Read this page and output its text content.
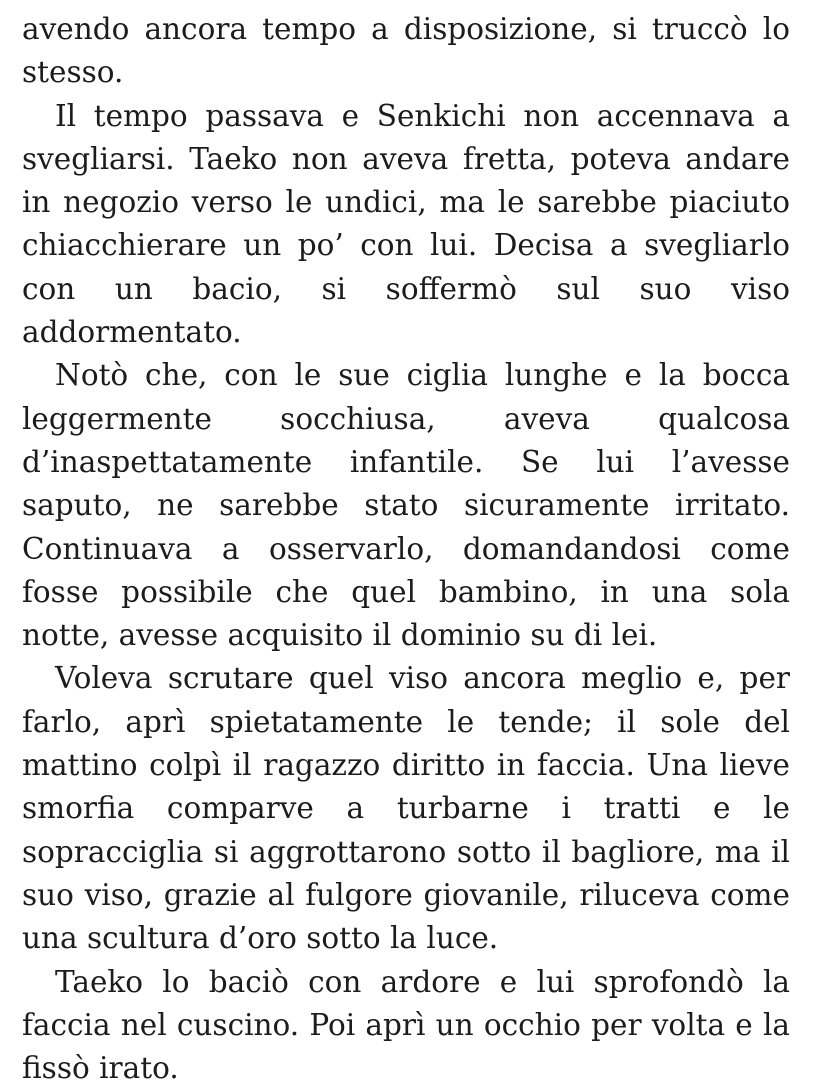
avendo ancora tempo a disposizione, si truccò lo stesso.

Il tempo passava e Senkichi non accennava a svegliarsi. Taeko non aveva fretta, poteva andare in negozio verso le undici, ma le sarebbe piaciuto chiacchierare un po’ con lui. Decisa a svegliarlo con un bacio, si soffermò sul suo viso addormentato.

Notò che, con le sue ciglia lunghe e la bocca leggermente socchiusa, aveva qualcosa d’inaspettatamente infantile. Se lui l’avesse saputo, ne sarebbe stato sicuramente irritato. Continuava a osservarlo, domandandosi come fosse possibile che quel bambino, in una sola notte, avesse acquisito il dominio su di lei.

Voleva scrutare quel viso ancora meglio e, per farlo, aprì spietatamente le tende; il sole del mattino colpì il ragazzo diritto in faccia. Una lieve smorfia comparve a turbarne i tratti e le sopracciglia si aggrottarono sotto il bagliore, ma il suo viso, grazie al fulgore giovanile, riluceva come una scultura d’oro sotto la luce.

Taeko lo baciò con ardore e lui sprofondò la faccia nel cuscino. Poi aprì un occhio per volta e la fissò irato.
